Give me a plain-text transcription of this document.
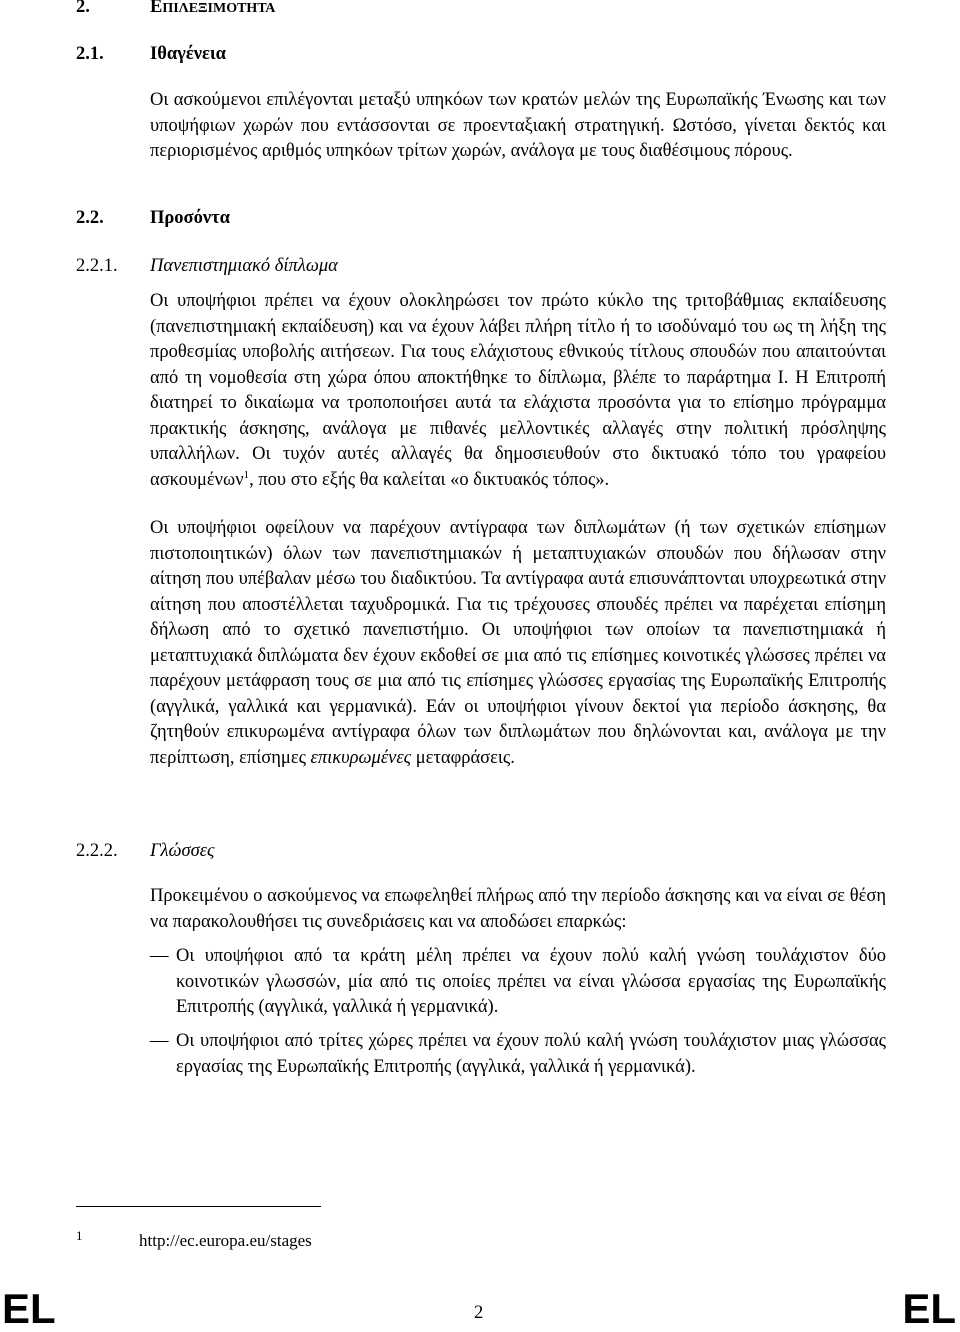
2.	ΕΠΙΛΕΞΙΜΟΤΗΤΑ
2.1.	Ιθαγένεια

Οι ασκούμενοι επιλέγονται μεταξύ υπηκόων των κρατών μελών της Ευρωπαϊκής Ένωσης και των υποψήφιων χωρών που εντάσσονται σε προενταξιακή στρατηγική. Ωστόσο, γίνεται δεκτός και περιορισμένος αριθμός υπηκόων τρίτων χωρών, ανάλογα με τους διαθέσιμους πόρους.

2.2.	Προσόντα
2.2.1. Πανεπιστημιακό δίπλωμα

Οι υποψήφιοι πρέπει να έχουν ολοκληρώσει τον πρώτο κύκλο της τριτοβάθμιας εκπαίδευσης (πανεπιστημιακή εκπαίδευση) και να έχουν λάβει πλήρη τίτλο ή το ισοδύναμό του ως τη λήξη της προθεσμίας υποβολής αιτήσεων. Για τους ελάχιστους εθνικούς τίτλους σπουδών που απαιτούνται από τη νομοθεσία στη χώρα όπου αποκτήθηκε το δίπλωμα, βλέπε το παράρτημα I. Η Επιτροπή διατηρεί το δικαίωμα να τροποποιήσει αυτά τα ελάχιστα προσόντα για το επίσημο πρόγραμμα πρακτικής άσκησης, ανάλογα με πιθανές μελλοντικές αλλαγές στην πολιτική πρόσληψης υπαλλήλων. Οι τυχόν αυτές αλλαγές θα δημοσιευθούν στο δικτυακό τόπο του γραφείου ασκουμένων$^1$, που στο εξής θα καλείται «ο δικτυακός τόπος».

Οι υποψήφιοι οφείλουν να παρέχουν αντίγραφα των διπλωμάτων (ή των σχετικών επίσημων πιστοποιητικών) όλων των πανεπιστημιακών ή μεταπτυχιακών σπουδών που δήλωσαν στην αίτηση που υπέβαλαν μέσω του διαδικτύου. Τα αντίγραφα αυτά επισυνάπτονται υποχρεωτικά στην αίτηση που αποστέλλεται ταχυδρομικά. Για τις τρέχουσες σπουδές πρέπει να παρέχεται επίσημη δήλωση από το σχετικό πανεπιστήμιο. Οι υποψήφιοι των οποίων τα πανεπιστημιακά ή μεταπτυχιακά διπλώματα δεν έχουν εκδοθεί σε μια από τις επίσημες κοινοτικές γλώσσες πρέπει να παρέχουν μετάφραση τους σε μια από τις επίσημες γλώσσες εργασίας της Ευρωπαϊκής Επιτροπής (αγγλικά, γαλλικά και γερμανικά). Εάν οι υποψήφιοι γίνουν δεκτοί για περίοδο άσκησης, θα ζητηθούν επικυρωμένα αντίγραφα όλων των διπλωμάτων που δηλώνονται και, ανάλογα με την περίπτωση, επίσημες επικυρωμένες μεταφράσεις.

2.2.2. Γλώσσες

Προκειμένου ο ασκούμενος να επωφεληθεί πλήρως από την περίοδο άσκησης και να είναι σε θέση να παρακολουθήσει τις συνεδριάσεις και να αποδώσει επαρκώς:

— Οι υποψήφιοι από τα κράτη μέλη πρέπει να έχουν πολύ καλή γνώση τουλάχιστον δύο κοινοτικών γλωσσών, μία από τις οποίες πρέπει να είναι γλώσσα εργασίας της Ευρωπαϊκής Επιτροπής (αγγλικά, γαλλικά ή γερμανικά).
— Οι υποψήφιοι από τρίτες χώρες πρέπει να έχουν πολύ καλή γνώση τουλάχιστον μιας γλώσσας εργασίας της Ευρωπαϊκής Επιτροπής (αγγλικά, γαλλικά ή γερμανικά).
1	http://ec.europa.eu/stages
EL	2	EL
